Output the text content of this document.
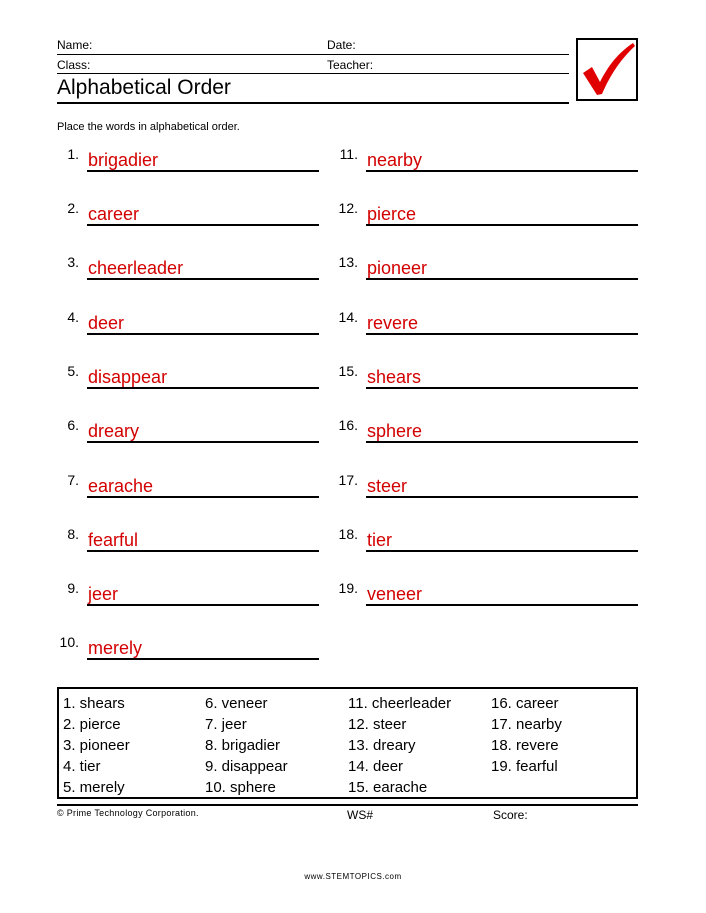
Name:	Date:
Class:	Teacher:
Alphabetical Order
Place the words in alphabetical order.
1. brigadier
2. career
3. cheerleader
4. deer
5. disappear
6. dreary
7. earache
8. fearful
9. jeer
10. merely
11. nearby
12. pierce
13. pioneer
14. revere
15. shears
16. sphere
17. steer
18. tier
19. veneer
1. shears
2. pierce
3. pioneer
4. tier
5. merely
6. veneer
7. jeer
8. brigadier
9. disappear
10. sphere
11. cheerleader
12. steer
13. dreary
14. deer
15. earache
16. career
17. nearby
18. revere
19. fearful
© Prime Technology Corporation.	WS#	Score:
www.STEMTOPICS.com
